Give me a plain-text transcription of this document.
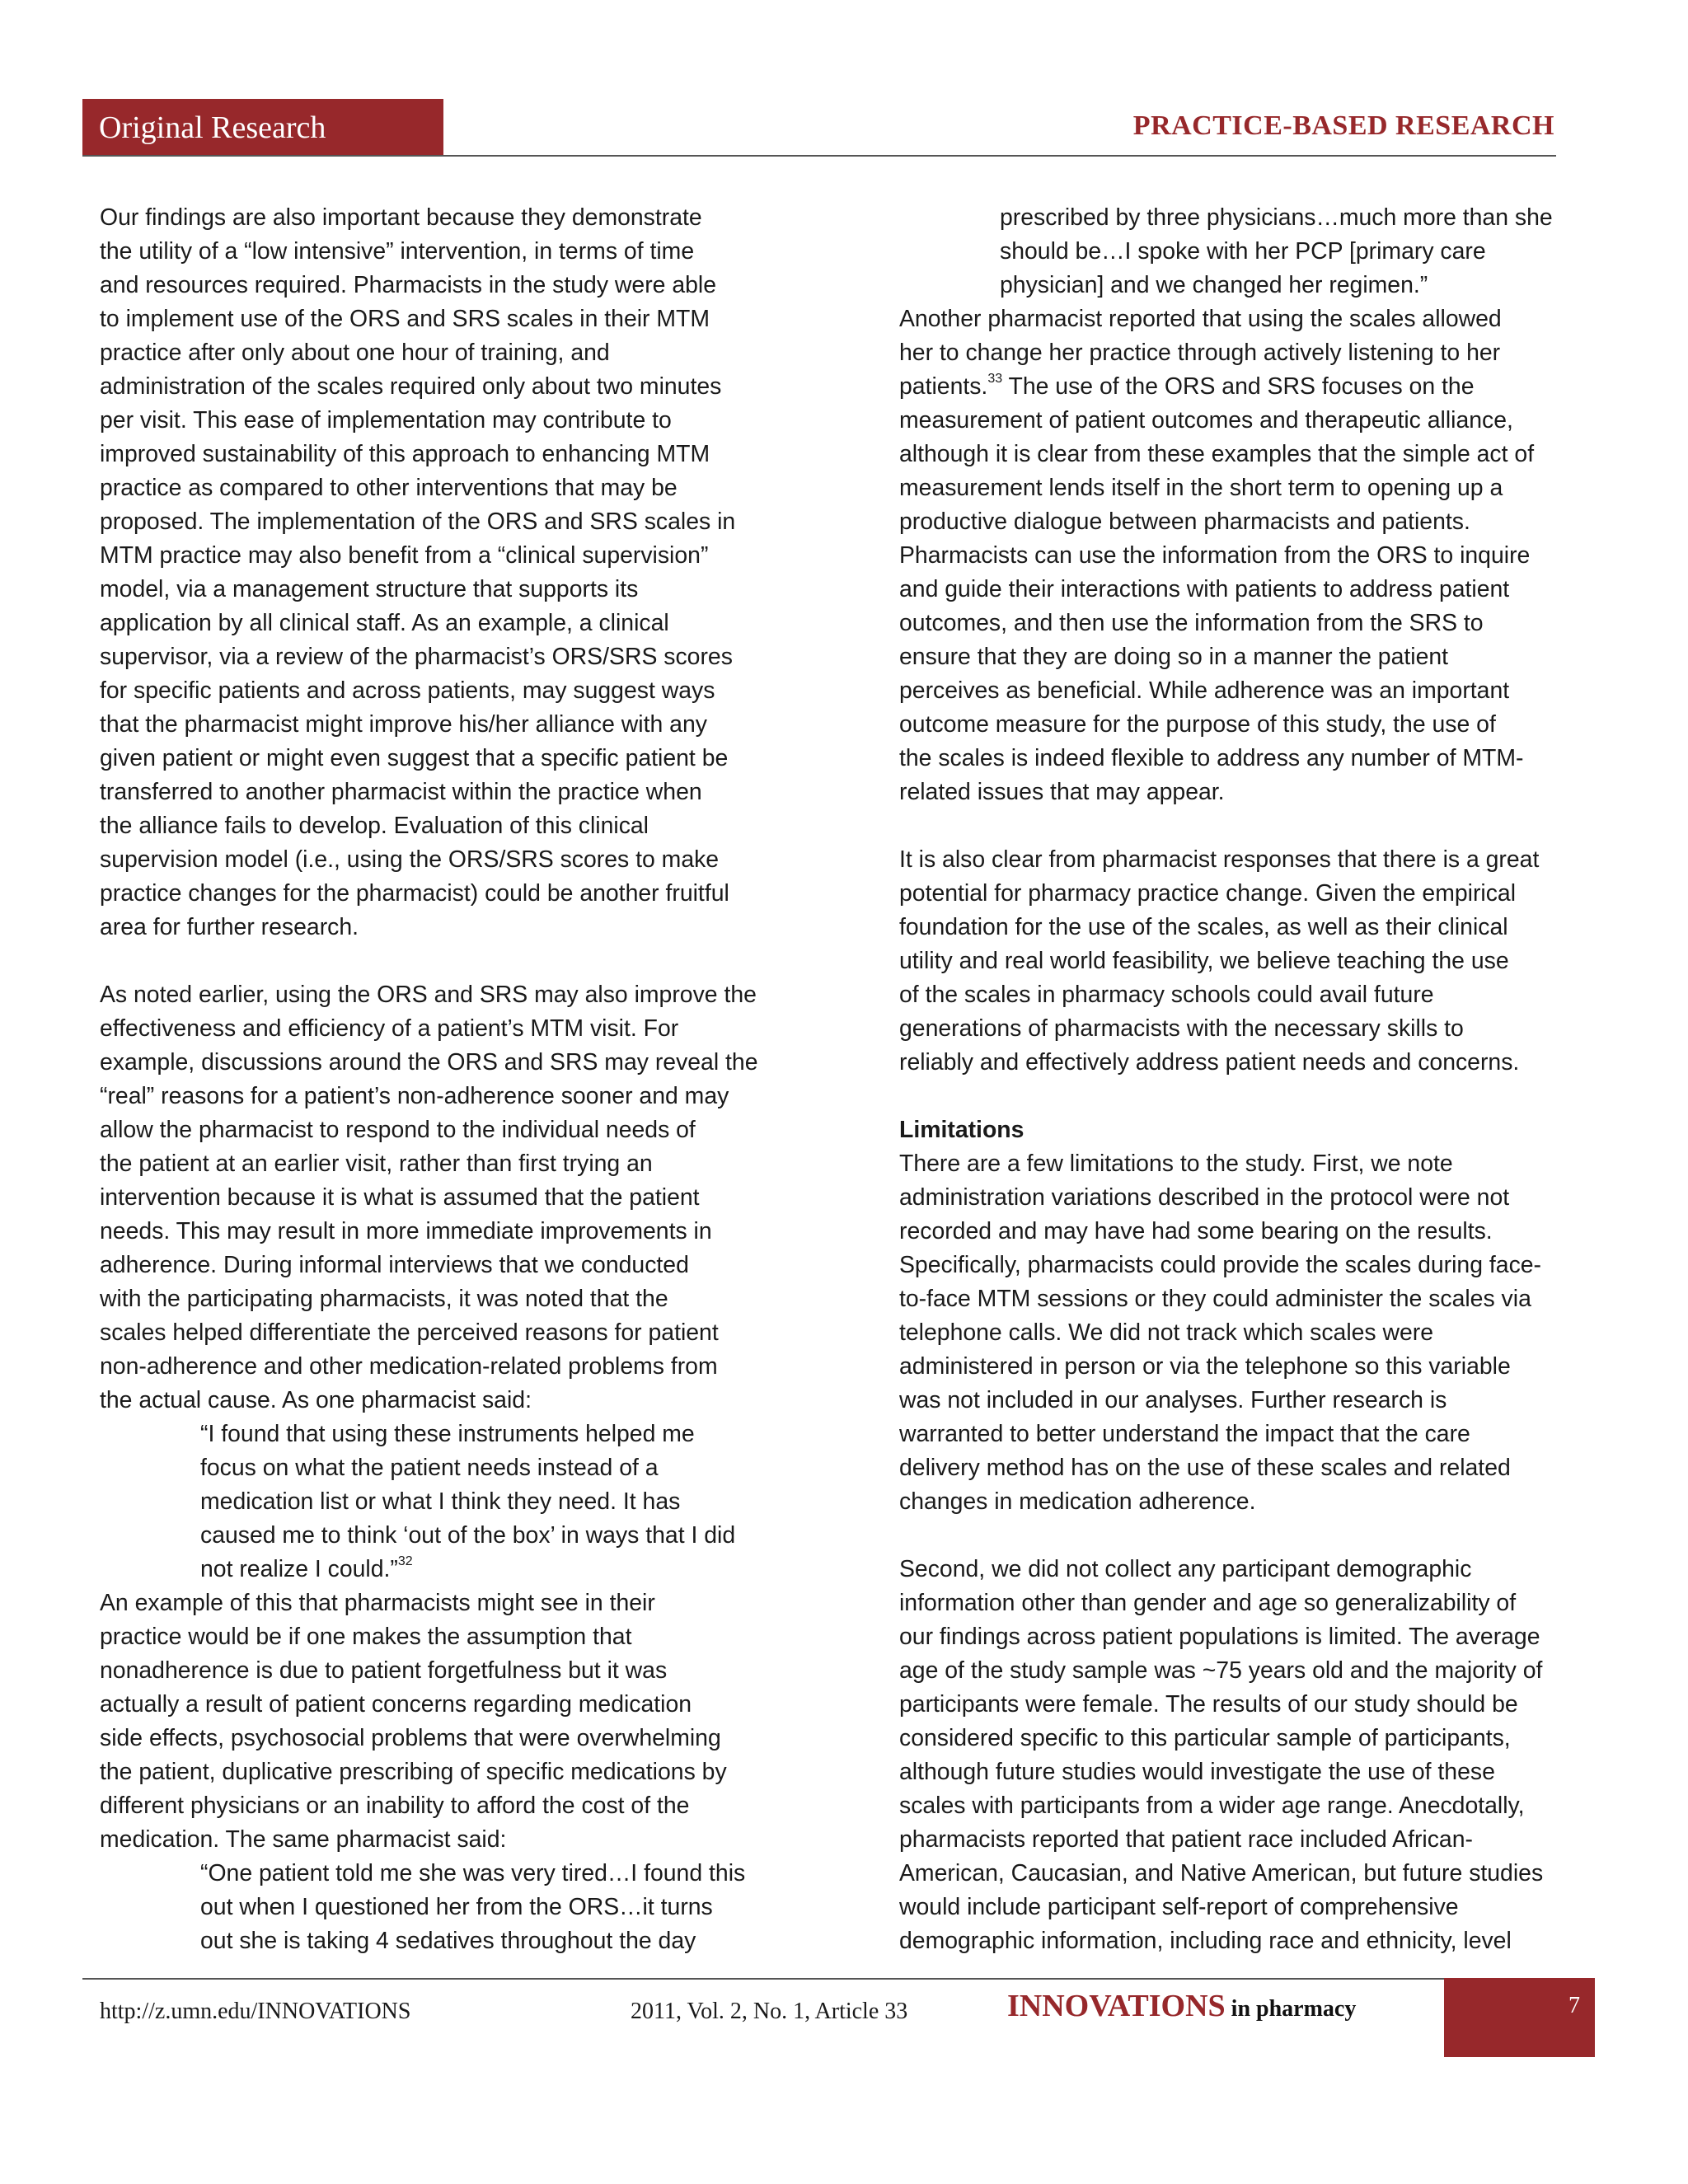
Original Research	PRACTICE-BASED RESEARCH

Our findings are also important because they demonstrate

the utility of a “low intensive” intervention, in terms of time

and resources required. Pharmacists in the study were able

to implement use of the ORS and SRS scales in their MTM

practice after only about one hour of training, and

administration of the scales required only about two minutes

per visit. This ease of implementation may contribute to

improved sustainability of this approach to enhancing MTM

practice as compared to other interventions that may be

proposed. The implementation of the ORS and SRS scales in

MTM practice may also benefit from a “clinical supervision”

model, via a management structure that supports its

application by all clinical staff. As an example, a clinical

supervisor, via a review of the pharmacist’s ORS/SRS scores

for specific patients and across patients, may suggest ways

that the pharmacist might improve his/her alliance with any

given patient or might even suggest that a specific patient be

transferred to another pharmacist within the practice when

the alliance fails to develop. Evaluation of this clinical

supervision model (i.e., using the ORS/SRS scores to make

practice changes for the pharmacist) could be another fruitful

area for further research.

As noted earlier, using the ORS and SRS may also improve the

effectiveness and efficiency of a patient’s MTM visit. For

example, discussions around the ORS and SRS may reveal the

“real” reasons for a patient’s non-adherence sooner and may

allow the pharmacist to respond to the individual needs of

the patient at an earlier visit, rather than first trying an

intervention because it is what is assumed that the patient

needs. This may result in more immediate improvements in

adherence. During informal interviews that we conducted

with the participating pharmacists, it was noted that the

scales helped differentiate the perceived reasons for patient

non-adherence and other medication-related problems from

the actual cause. As one pharmacist said:

“I found that using these instruments helped me

focus on what the patient needs instead of a

medication list or what I think they need. It has

caused me to think ‘out of the box’ in ways that I did

not realize I could.”$^{32}$

An example of this that pharmacists might see in their

practice would be if one makes the assumption that

nonadherence is due to patient forgetfulness but it was

actually a result of patient concerns regarding medication

side effects, psychosocial problems that were overwhelming

the patient, duplicative prescribing of specific medications by

different physicians or an inability to afford the cost of the

medication. The same pharmacist said:

“One patient told me she was very tired…I found this

out when I questioned her from the ORS…it turns

out she is taking 4 sedatives throughout the day

prescribed by three physicians…much more than she

should be…I spoke with her PCP [primary care

physician] and we changed her regimen.”

Another pharmacist reported that using the scales allowed

her to change her practice through actively listening to her

patients.$^{33}$ The use of the ORS and SRS focuses on the

measurement of patient outcomes and therapeutic alliance,

although it is clear from these examples that the simple act of

measurement lends itself in the short term to opening up a

productive dialogue between pharmacists and patients.

Pharmacists can use the information from the ORS to inquire

and guide their interactions with patients to address patient

outcomes, and then use the information from the SRS to

ensure that they are doing so in a manner the patient

perceives as beneficial. While adherence was an important

outcome measure for the purpose of this study, the use of

the scales is indeed flexible to address any number of MTM-

related issues that may appear.

It is also clear from pharmacist responses that there is a great

potential for pharmacy practice change. Given the empirical

foundation for the use of the scales, as well as their clinical

utility and real world feasibility, we believe teaching the use

of the scales in pharmacy schools could avail future

generations of pharmacists with the necessary skills to

reliably and effectively address patient needs and concerns.

Limitations

There are a few limitations to the study. First, we note

administration variations described in the protocol were not

recorded and may have had some bearing on the results.

Specifically, pharmacists could provide the scales during face-

to-face MTM sessions or they could administer the scales via

telephone calls. We did not track which scales were

administered in person or via the telephone so this variable

was not included in our analyses. Further research is

warranted to better understand the impact that the care

delivery method has on the use of these scales and related

changes in medication adherence.

Second, we did not collect any participant demographic

information other than gender and age so generalizability of

our findings across patient populations is limited. The average

age of the study sample was ~75 years old and the majority of

participants were female. The results of our study should be

considered specific to this particular sample of participants,

although future studies would investigate the use of these

scales with participants from a wider age range. Anecdotally,

pharmacists reported that patient race included African-

American, Caucasian, and Native American, but future studies

would include participant self-report of comprehensive

demographic information, including race and ethnicity, level

http://z.umn.edu/INNOVATIONS	2011, Vol. 2, No. 1, Article 33	INNOVATIONS in pharmacy	7
